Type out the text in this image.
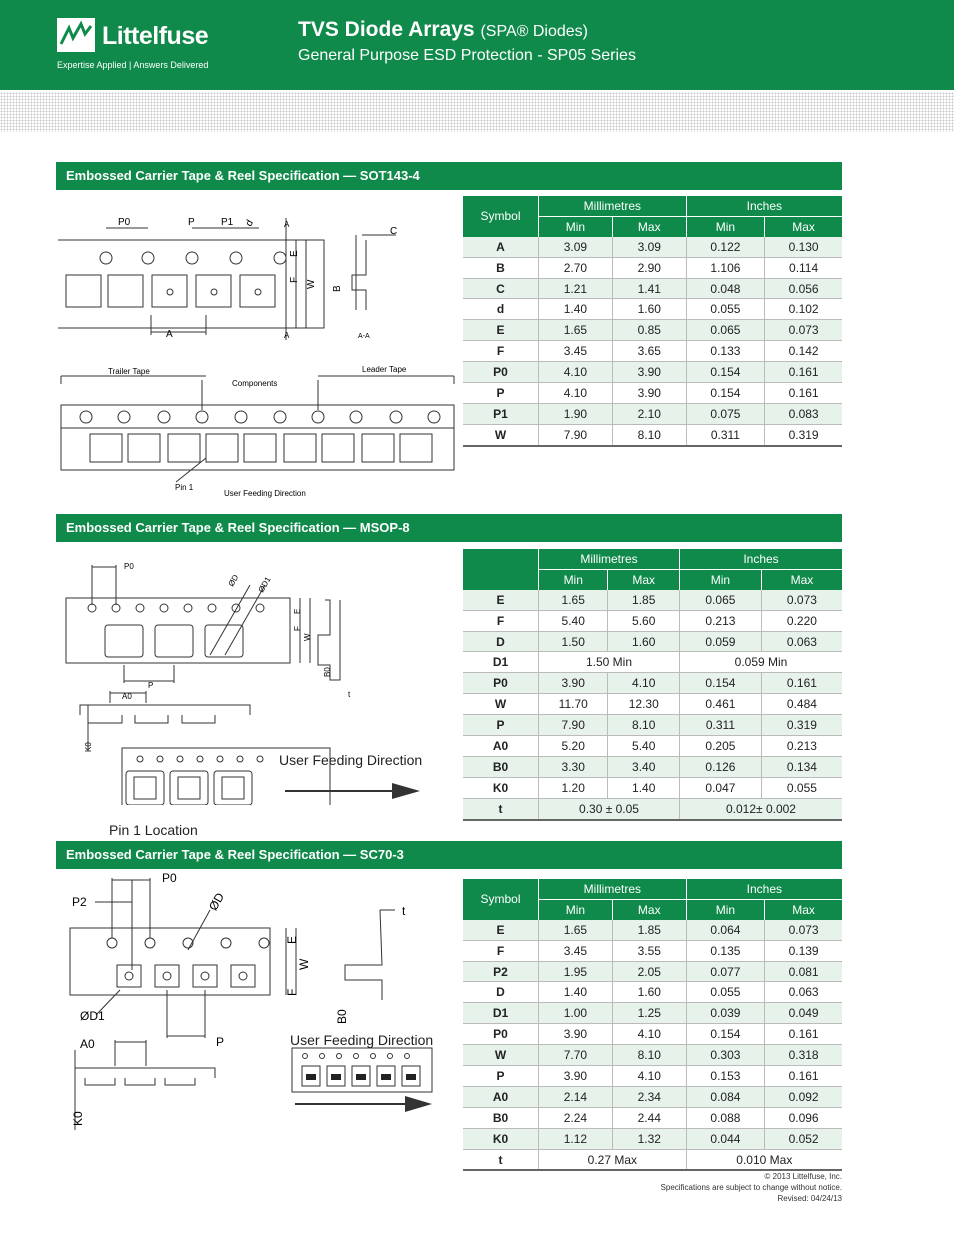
Littelfuse
Expertise Applied | Answers Delivered
TVS Diode Arrays (SPA® Diodes)
General Purpose ESD Protection - SP05 Series
Embossed Carrier Tape & Reel Specification — SOT143-4
P0	P	P1 d	A
E
F W B
C
A	A	A-A
Trailer Tape
Components
Leader Tape
Pin 1
User Feeding Direction
Symbol	Millimetres		Inches	
	Min	Max	Min	Max
A	3.09	3.09	0.122	0.130
B	2.70	2.90	1.106	0.114
C	1.21	1.41	0.048	0.056
d	1.40	1.60	0.055	0.102
E	1.65	0.85	0.065	0.073
F	3.45	3.65	0.133	0.142
P0	4.10	3.90	0.154	0.161
P	4.10	3.90	0.154	0.161
P1	1.90	2.10	0.075	0.083
W	7.90	8.10	0.311	0.319
Embossed Carrier Tape & Reel Specification — MSOP-8
P0
ØD ØD1
E
F
W
B0
t
P
A0
K0
User Feeding Direction
Pin 1 Location
	Millimetres		Inches	
	Min	Max	Min	Max
E	1.65	1.85	0.065	0.073
F	5.40	5.60	0.213	0.220
D	1.50	1.60	0.059	0.063
D1	1.50 Min		0.059 Min	
P0	3.90	4.10	0.154	0.161
W	11.70	12.30	0.461	0.484
P	7.90	8.10	0.311	0.319
A0	5.20	5.40	0.205	0.213
B0	3.30	3.40	0.126	0.134
K0	1.20	1.40	0.047	0.055
t	0.30 ± 0.05		0.012± 0.002	
Embossed Carrier Tape & Reel Specification — SC70-3
P0
P2	ØD
E
W
F
t
ØD1	B0
A0	P
K0
User Feeding Direction
Symbol	Millimetres		Inches	
	Min	Max	Min	Max
E	1.65	1.85	0.064	0.073
F	3.45	3.55	0.135	0.139
P2	1.95	2.05	0.077	0.081
D	1.40	1.60	0.055	0.063
D1	1.00	1.25	0.039	0.049
P0	3.90	4.10	0.154	0.161
W	7.70	8.10	0.303	0.318
P	3.90	4.10	0.153	0.161
A0	2.14	2.34	0.084	0.092
B0	2.24	2.44	0.088	0.096
K0	1.12	1.32	0.044	0.052
t	0.27 Max		0.010 Max	
© 2013 Littelfuse, Inc.
Specifications are subject to change without notice.
Revised: 04/24/13
